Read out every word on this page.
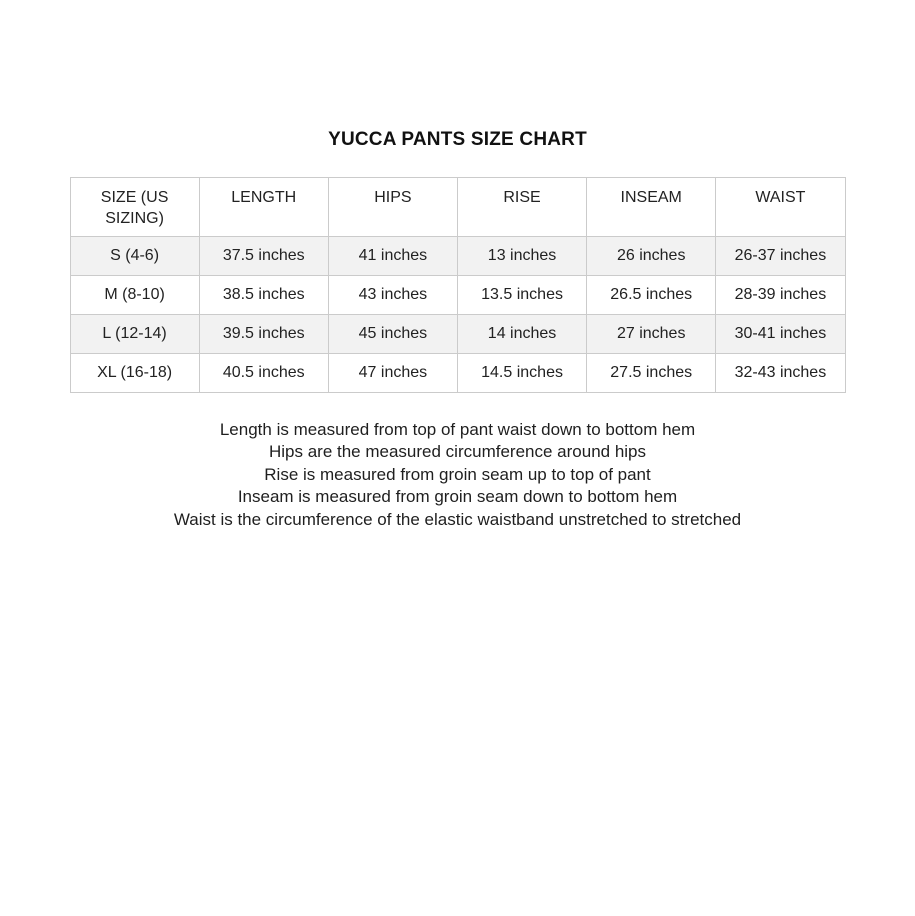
YUCCA PANTS SIZE CHART
SIZE (US SIZING)	LENGTH	HIPS	RISE	INSEAM	WAIST
S (4-6)	37.5 inches	41 inches	13 inches	26 inches	26-37 inches
M (8-10)	38.5 inches	43 inches	13.5 inches	26.5 inches	28-39 inches
L (12-14)	39.5 inches	45 inches	14 inches	27 inches	30-41 inches
XL (16-18)	40.5 inches	47 inches	14.5 inches	27.5 inches	32-43 inches
Length is measured from top of pant waist down to bottom hem
Hips are the measured circumference around hips
Rise is measured from groin seam up to top of pant
Inseam is measured from groin seam down to bottom hem
Waist is the circumference of the elastic waistband unstretched to stretched
